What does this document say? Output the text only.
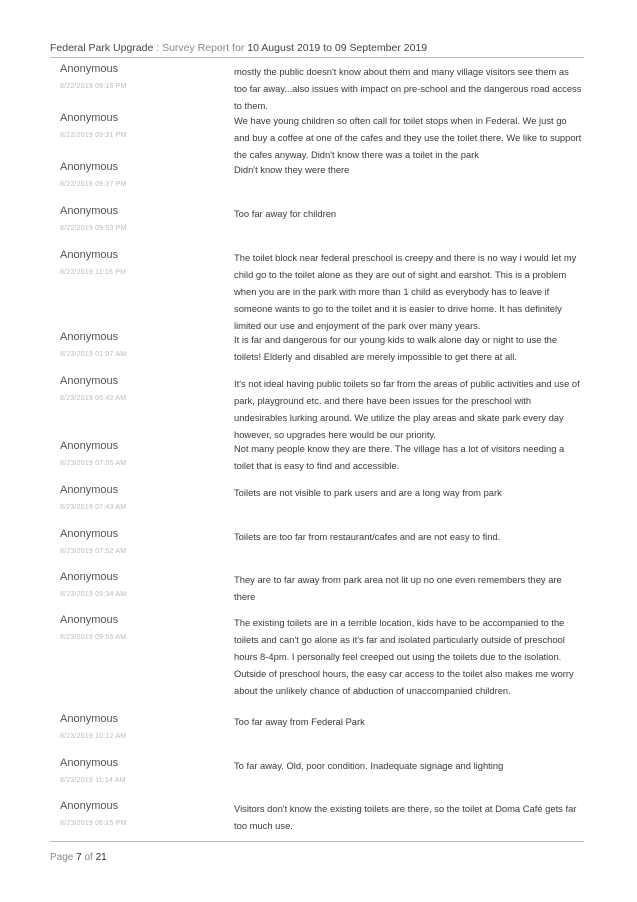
Federal Park Upgrade : Survey Report for 10 August 2019 to 09 September 2019
Anonymous
8/22/2019 09:16 PM
mostly the public doesn't know about them and many village visitors see them as too far away...also issues with impact on pre-school and the dangerous road access to them.
Anonymous
8/22/2019 09:31 PM
We have young children so often call for toilet stops when in Federal. We just go and buy a coffee at one of the cafes and they use the toilet there. We like to support the cafes anyway. Didn't know there was a toilet in the park
Anonymous
8/22/2019 09:37 PM
Didn't know they were there
Anonymous
8/22/2019 09:53 PM
Too far away for children
Anonymous
8/22/2019 11:16 PM
The toilet block near federal preschool is creepy and there is no way i would let my child go to the toilet alone as they are out of sight and earshot. This is a problem when you are in the park with more than 1 child as everybody has to leave if someone wants to go to the toilet and it is easier to drive home. It has definitely limited our use and enjoyment of the park over many years.
Anonymous
8/23/2019 01:07 AM
It is far and dangerous for our young kids to walk alone day or night to use the toilets! Elderly and disabled are merely impossible to get there at all.
Anonymous
8/23/2019 05:42 AM
It's not ideal having public toilets so far from the areas of public activities and use of park, playground etc. and there have been issues for the preschool with undesirables lurking around. We utilize the play areas and skate park every day however, so upgrades here would be our priority.
Anonymous
8/23/2019 07:05 AM
Not many people know they are there. The village has a lot of visitors needing a toilet that is easy to find and accessible.
Anonymous
8/23/2019 07:43 AM
Toilets are not visible to park users and are a long way from park
Anonymous
8/23/2019 07:52 AM
Toilets are too far from restaurant/cafes and are not easy to find.
Anonymous
8/23/2019 09:34 AM
They are to far away from park area not lit up no one even remembers they are there
Anonymous
8/23/2019 09:55 AM
The existing toilets are in a terrible location, kids have to be accompanied to the toilets and can't go alone as it's far and isolated particularly outside of preschool hours 8-4pm. I personally feel creeped out using the toilets due to the isolation. Outside of preschool hours, the easy car access to the toilet also makes me worry about the unlikely chance of abduction of unaccompanied children.
Anonymous
8/23/2019 10:12 AM
Too far away from Federal Park
Anonymous
8/23/2019 11:14 AM
To far away. Old, poor condition. Inadequate signage and lighting
Anonymous
8/23/2019 06:15 PM
Visitors don't know the existing toilets are there, so the toilet at Doma Café gets far too much use.
Page 7 of 21
